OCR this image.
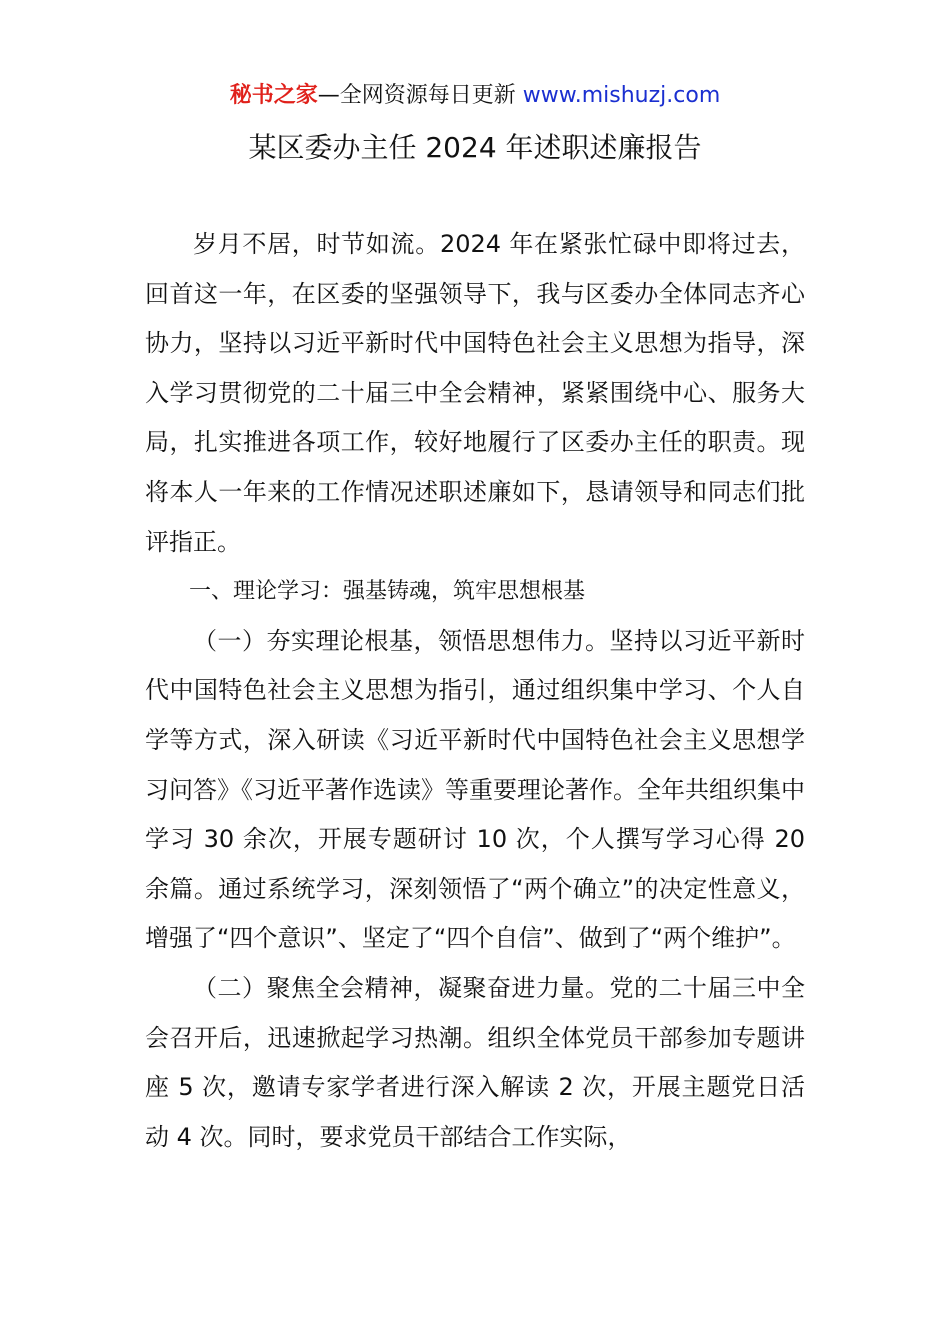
秘书之家—全网资源每日更新 www.mishuzj.com
某区委办主任 2024 年述职述廉报告

岁月不居，时节如流。2024 年在紧张忙碌中即将过去，回首这一年，在区委的坚强领导下，我与区委办全体同志齐心协力，坚持以习近平新时代中国特色社会主义思想为指导，深入学习贯彻党的二十届三中全会精神，紧紧围绕中心、服务大局，扎实推进各项工作，较好地履行了区委办主任的职责。现将本人一年来的工作情况述职述廉如下，恳请领导和同志们批评指正。

一、理论学习：强基铸魂，筑牢思想根基

（一）夯实理论根基，领悟思想伟力。坚持以习近平新时代中国特色社会主义思想为指引，通过组织集中学习、个人自学等方式，深入研读《习近平新时代中国特色社会主义思想学习问答》《习近平著作选读》等重要理论著作。全年共组织集中学习 30 余次，开展专题研讨 10 次，个人撰写学习心得 20 余篇。通过系统学习，深刻领悟了“两个确立”的决定性意义，增强了“四个意识”、坚定了“四个自信”、做到了“两个维护”。

（二）聚焦全会精神，凝聚奋进力量。党的二十届三中全会召开后，迅速掀起学习热潮。组织全体党员干部参加专题讲座 5 次，邀请专家学者进行深入解读 2 次，开展主题党日活动 4 次。同时，要求党员干部结合工作实际，
